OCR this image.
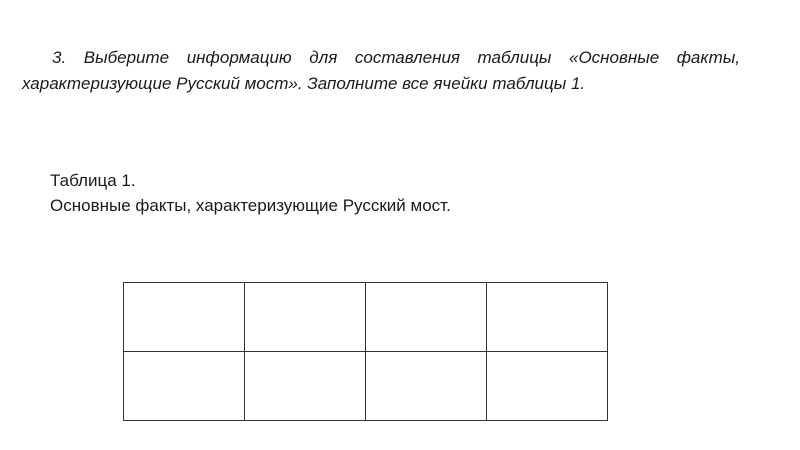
3. Выберите информацию для составления таблицы «Основные факты, характеризующие Русский мост». Заполните все ячейки таблицы 1.

Таблица 1.
Основные факты, характеризующие Русский мост.
